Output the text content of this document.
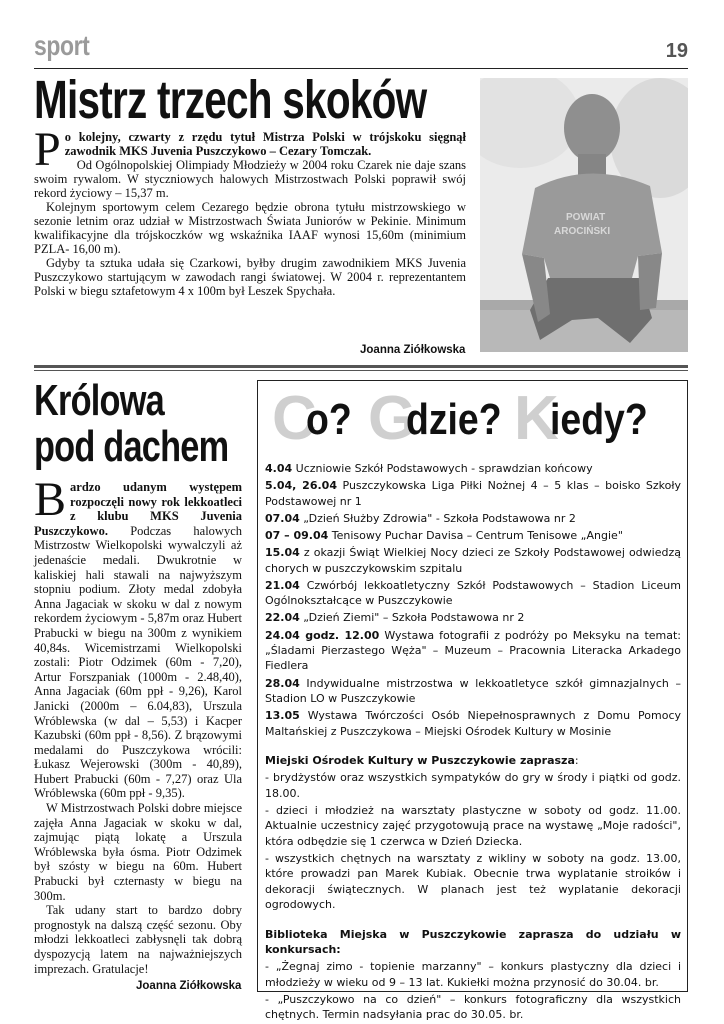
sport	19
Mistrz trzech skoków
POWIAT
AROCIŃSKI

Po kolejny, czwarty z rzędu tytuł Mistrza Polski w trójskoku sięgnął zawodnik MKS Juvenia Puszczykowo – Cezary Tomczak.

Od Ogólnopolskiej Olimpiady Młodzieży w 2004 roku Czarek nie daje szans swoim rywalom. W styczniowych halowych Mistrzostwach Polski poprawił swój rekord życiowy – 15,37 m.

Kolejnym sportowym celem Cezarego będzie obrona tytułu mistrzowskiego w sezonie letnim oraz udział w Mistrzostwach Świata Juniorów w Pekinie. Minimum kwalifikacyjne dla trójskoczków wg wskaźnika IAAF wynosi 15,60m (minimium PZLA- 16,00 m).

Gdyby ta sztuka udała się Czarkowi, byłby drugim zawodnikiem MKS Juvenia Puszczykowo startującym w zawodach rangi światowej. W 2004 r. reprezentantem Polski w biegu sztafetowym 4 x 100m był Leszek Spychała.

Joanna Ziółkowska
Królowa
pod dachem

Bardzo udanym występem rozpoczęli nowy rok lekkoatleci z klubu MKS Juvenia Puszczykowo. Podczas halowych Mistrzostw Wielkopolski wywalczyli aż jedenaście medali. Dwukrotnie w kaliskiej hali stawali na najwyższym stopniu podium. Złoty medal zdobyła Anna Jagaciak w skoku w dal z nowym rekordem życiowym - 5,87m oraz Hubert Prabucki w biegu na 300m z wynikiem 40,84s. Wicemistrzami Wielkopolski zostali: Piotr Odzimek (60m - 7,20), Artur Forszpaniak (1000m - 2.48,40), Anna Jagaciak (60m ppł - 9,26), Karol Janicki (2000m – 6.04,83), Urszula Wróblewska (w dal – 5,53) i Kacper Kazubski (60m ppł - 8,56). Z brązowymi medalami do Puszczykowa wrócili: Łukasz Wejerowski (300m - 40,89), Hubert Prabucki (60m - 7,27) oraz Ula Wróblewska (60m ppł - 9,35).

W Mistrzostwach Polski dobre miejsce zajęła Anna Jagaciak w skoku w dal, zajmując piątą lokatę a Urszula Wróblewska była ósma. Piotr Odzimek był szósty w biegu na 60m. Hubert Prabucki był czternasty w biegu na 300m.

Tak udany start to bardzo dobry prognostyk na dalszą część sezonu. Oby młodzi lekkoatleci zabłysnęli tak dobrą dyspozycją latem na najważniejszych imprezach. Gratulacje!

Joanna Ziółkowska
C
o? G
dzie? K
iedy?

4.04 Uczniowie Szkół Podstawowych - sprawdzian końcowy

5.04, 26.04 Puszczykowska Liga Piłki Nożnej 4 – 5 klas – boisko Szkoły Podstawowej nr 1

07.04 „Dzień Służby Zdrowia" - Szkoła Podstawowa nr 2

07 – 09.04 Tenisowy Puchar Davisa – Centrum Tenisowe „Angie"

15.04 z okazji Świąt Wielkiej Nocy dzieci ze Szkoły Podstawowej odwiedzą chorych w puszczykowskim szpitalu

21.04 Czwórbój lekkoatletyczny Szkół Podstawowych – Stadion Liceum Ogólnokształcące w Puszczykowie

22.04 „Dzień Ziemi" – Szkoła Podstawowa nr 2

24.04 godz. 12.00 Wystawa fotografii z podróży po Meksyku na temat: „Śladami Pierzastego Węża" – Muzeum – Pracownia Literacka Arkadego Fiedlera

28.04 Indywidualne mistrzostwa w lekkoatletyce szkół gimnazjalnych – Stadion LO w Puszczykowie

13.05 Wystawa Twórczości Osób Niepełnosprawnych z Domu Pomocy Maltańskiej z Puszczykowa – Miejski Ośrodek Kultury w Mosinie

Miejski Ośrodek Kultury w Puszczykowie zaprasza:

- brydżystów oraz wszystkich sympatyków do gry w środy i piątki od godz. 18.00.

- dzieci i młodzież na warsztaty plastyczne w soboty od godz. 11.00. Aktualnie uczestnicy zajęć przygotowują prace na wystawę „Moje radości", która odbędzie się 1 czerwca w Dzień Dziecka.

- wszystkich chętnych na warsztaty z wikliny w soboty na godz. 13.00, które prowadzi pan Marek Kubiak. Obecnie trwa wyplatanie stroików i dekoracji świątecznych. W planach jest też wyplatanie dekoracji ogrodowych.

Biblioteka Miejska w Puszczykowie zaprasza do udziału w konkursach:

- „Żegnaj zimo - topienie marzanny" – konkurs plastyczny dla dzieci i młodzieży w wieku od 9 – 13 lat. Kukiełki można przynosić do 30.04. br.

- „Puszczykowo na co dzień" – konkurs fotograficzny dla wszystkich chętnych. Termin nadsyłania prac do 30.05. br.
